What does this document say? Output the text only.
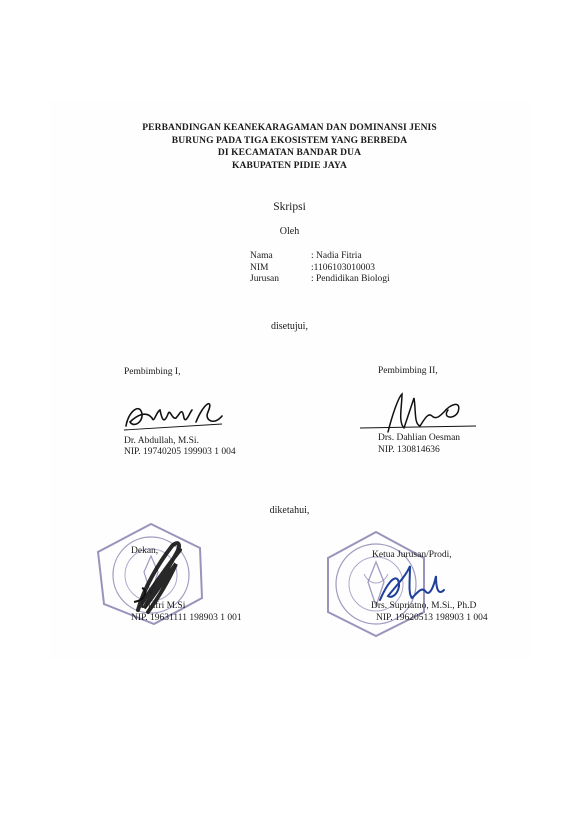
PERBANDINGAN KEANEKARAGAMAN DAN DOMINANSI JENIS
BURUNG PADA TIGA EKOSISTEM YANG BERBEDA
DI KECAMATAN BANDAR DUA
KABUPATEN PIDIE JAYA
Skripsi
Oleh
Nama	: Nadia Fitria
NIM	:1106103010003
Jurusan	: Pendidikan Biologi
disetujui,
Pembimbing I,
Dr. Abdullah, M.Si.
NIP. 19740205 199903 1 004
Pembimbing II,
Drs. Dahlian Oesman
NIP. 130814636
diketahui,
Dekan,
Djufri M.Si
NIP. 19631111 198903 1 001
Ketua Jurusan/Prodi,
Drs. Supriatno, M.Si., Ph.D
NIP. 19620513 198903 1 004
